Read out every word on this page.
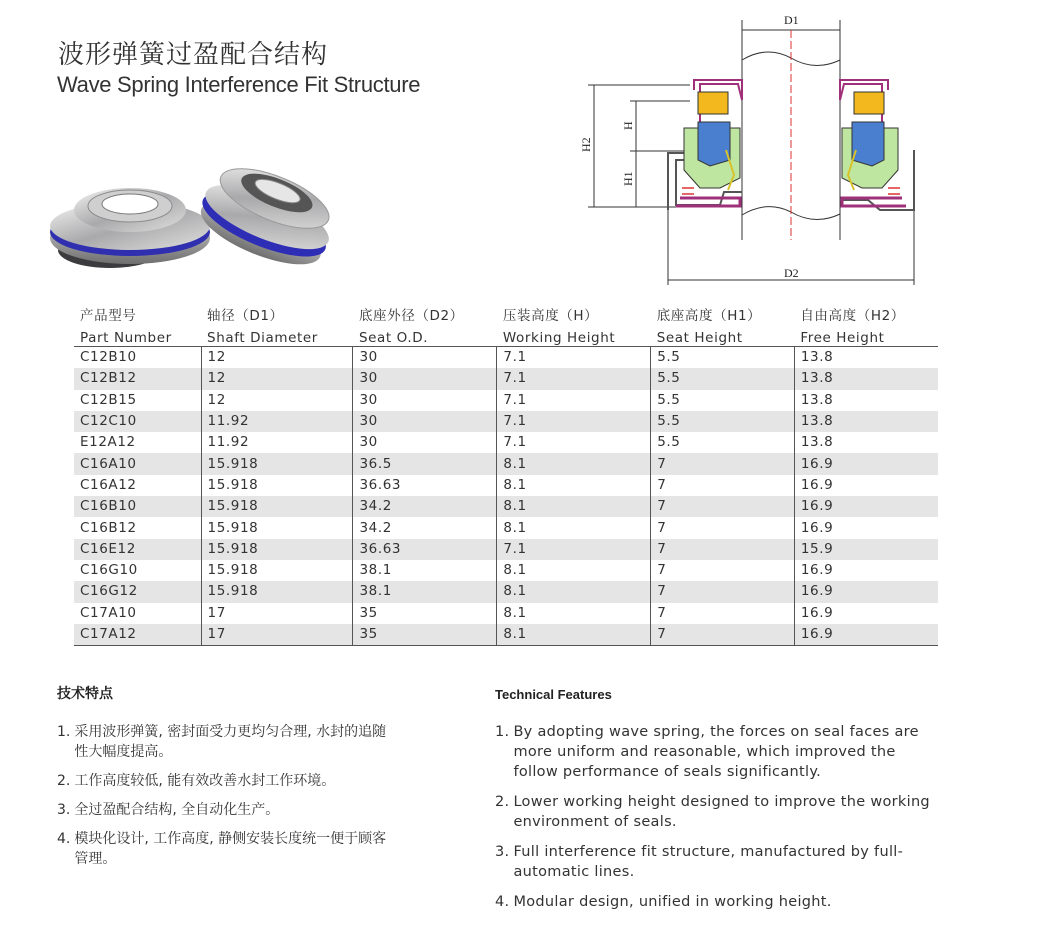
波形弹簧过盈配合结构
Wave Spring Interference Fit Structure
D1
D2
H2
H
H1
产品型号	轴径（D1）	底座外径（D2）	压装高度（H）	底座高度（H1）	自由高度（H2）
Part Number	Shaft Diameter	Seat O.D.	Working Height	Seat Height	Free Height
C12B10	12	30	7.1	5.5	13.8
C12B12	12	30	7.1	5.5	13.8
C12B15	12	30	7.1	5.5	13.8
C12C10	11.92	30	7.1	5.5	13.8
E12A12	11.92	30	7.1	5.5	13.8
C16A10	15.918	36.5	8.1	7	16.9
C16A12	15.918	36.63	8.1	7	16.9
C16B10	15.918	34.2	8.1	7	16.9
C16B12	15.918	34.2	8.1	7	16.9
C16E12	15.918	36.63	7.1	7	15.9
C16G10	15.918	38.1	8.1	7	16.9
C16G12	15.918	38.1	8.1	7	16.9
C17A10	17	35	8.1	7	16.9
C17A12	17	35	8.1	7	16.9
技术特点	Technical Features
1. 采用波形弹簧, 密封面受力更均匀合理, 水封的追随性大幅度提高。
2. 工作高度较低, 能有效改善水封工作环境。
3. 全过盈配合结构, 全自动化生产。
4. 模块化设计, 工作高度, 静侧安装长度统一便于顾客管理。
1. By adopting wave spring, the forces on seal faces are more uniform and reasonable, which improved the follow performance of seals significantly.
2. Lower working height designed to improve the working environment of seals.
3. Full interference fit structure, manufactured by full-automatic lines.
4. Modular design, unified in working height.
